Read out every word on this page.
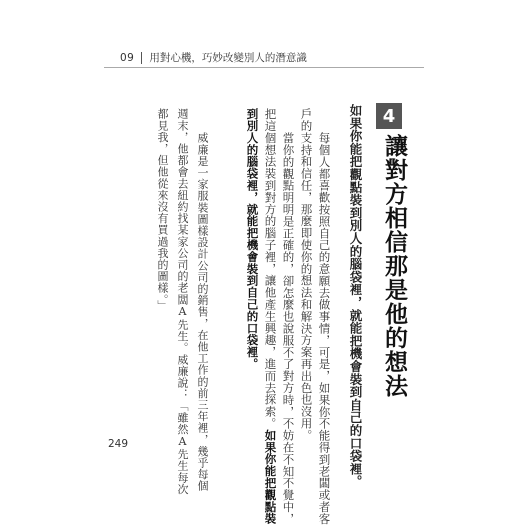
09 用對心機，巧妙改變別人的潛意識
4
讓對方相信那是他的想法
如果你能把觀點裝到別人的腦袋裡，就能把機會裝到自己的口袋裡。
每個人都喜歡按照自己的意願去做事情，可是，如果你不能得到老闆或者客
戶的支持和信任，那麼即使你的想法和解決方案再出色也沒用。
當你的觀點明明是正確的，卻怎麼也說服不了對方時，不妨在不知不覺中，
把這個想法裝到對方的腦子裡，讓他產生興趣，進而去探索。如果你能把觀點裝
到別人的腦袋裡，就能把機會裝到自己的口袋裡。
威廉是一家服裝圖樣設計公司的銷售，在他工作的前三年裡，幾乎每個
週末，他都會去紐約找某家公司的老闆A先生。威廉說：「雖然A先生每次
都見我，但他從來沒有買過我的圖樣。」
249
